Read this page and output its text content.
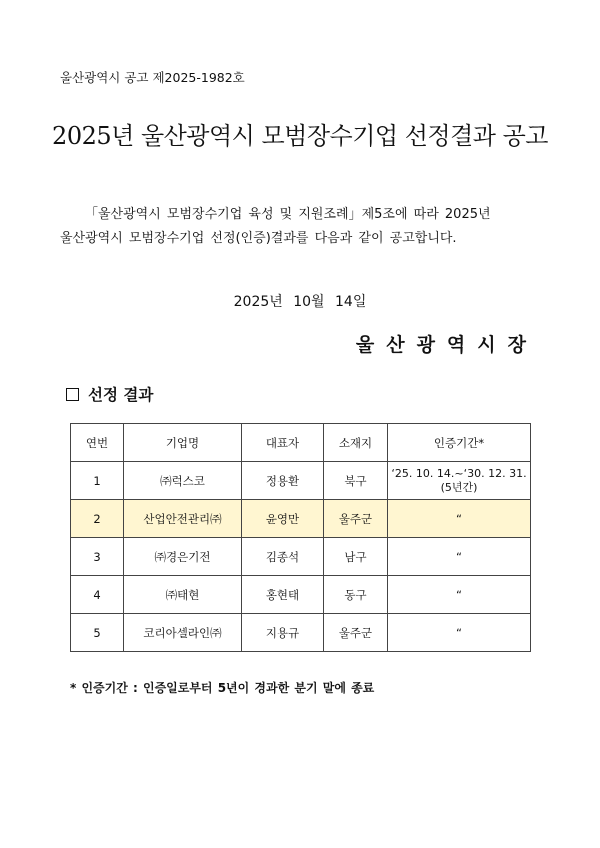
울산광역시 공고 제2025-1982호
2025년 울산광역시 모범장수기업 선정결과 공고
「울산광역시 모범장수기업 육성 및 지원조례」제5조에 따라 2025년
울산광역시 모범장수기업 선정(인증)결과를 다음과 같이 공고합니다.
2025년 10월 14일
울산광역시장
선정 결과
연번	기업명	대표자	소재지	인증기간*
1	㈜럭스코	정용환	북구	‘25. 10. 14.~‘30. 12. 31.
(5년간)

2	산업안전관리㈜	윤영만	울주군	“
3	㈜경은기전	김종석	남구	“
4	㈜태현	홍현태	동구	“
5	코리아셀라인㈜	지용규	울주군	“
* 인증기간 : 인증일로부터 5년이 경과한 분기 말에 종료
